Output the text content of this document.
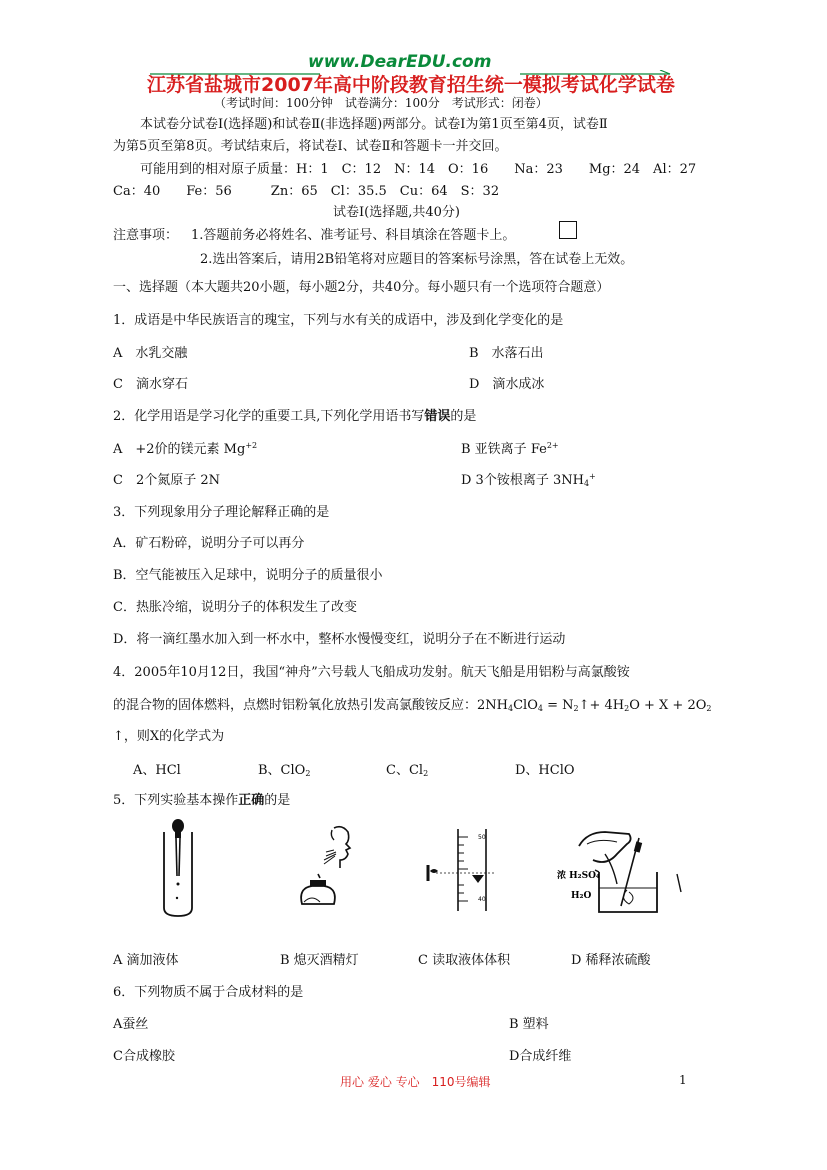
www.DearEDU.com
江苏省盐城市2007年高中阶段教育招生统一模拟考试化学试卷
（考试时间：100分钟　试卷满分：100分　考试形式：闭卷）
本试卷分试卷Ⅰ(选择题)和试卷Ⅱ(非选择题)两部分。试卷Ⅰ为第1页至第4页，试卷Ⅱ
为第5页至第8页。考试结束后，将试卷Ⅰ、试卷Ⅱ和答题卡一并交回。
可能用到的相对原子质量：H：1　C：12　N：14　O：16　　Na：23　　Mg：24　Al：27
Ca：40　　Fe：56　　　Zn：65　Cl：35.5　Cu：64　S：32
试卷Ⅰ(选择题,共40分)
注意事项： 1.答题前务必将姓名、准考证号、科目填涂在答题卡上。
2.选出答案后，请用2B铅笔将对应题目的答案标号涂黑，答在试卷上无效。
一、选择题（本大题共20小题，每小题2分，共40分。每小题只有一个选项符合题意）
1．成语是中华民族语言的瑰宝，下列与水有关的成语中，涉及到化学变化的是
A　水乳交融	B　水落石出
C　滴水穿石	D　滴水成冰
2．化学用语是学习化学的重要工具,下列化学用语书写错误的是
A　+2价的镁元素 $Mg^{+2}$	B 亚铁离子 $Fe^{2+}$
C　2个氮原子 2N	D 3个铵根离子 $3NH_4^+$
3．下列现象用分子理论解释正确的是
A．矿石粉碎，说明分子可以再分
B．空气能被压入足球中，说明分子的质量很小
C．热胀冷缩，说明分子的体积发生了改变
D．将一滴红墨水加入到一杯水中，整杯水慢慢变红，说明分子在不断进行运动
4．2005年10月12日，我国“神舟”六号载人飞船成功发射。航天飞船是用铝粉与高氯酸铵
的混合物的固体燃料，点燃时铝粉氧化放热引发高氯酸铵反应：$2NH_4ClO_4$ = $N_2↑+ 4H_2O + X + 2O_2$
↑，则X的化学式为
A、HCl	B、ClO$_2$	C、$Cl_2$	D、HClO
5．下列实验基本操作正确的是
50
40
浓 H₂SO₄
H₂O
A 滴加液体	B 熄灭酒精灯	C 读取液体体积	D 稀释浓硫酸
6．下列物质不属于合成材料的是
A蚕丝	B 塑料
C合成橡胶	D合成纤维
用心 爱心 专心　110号编辑	1
